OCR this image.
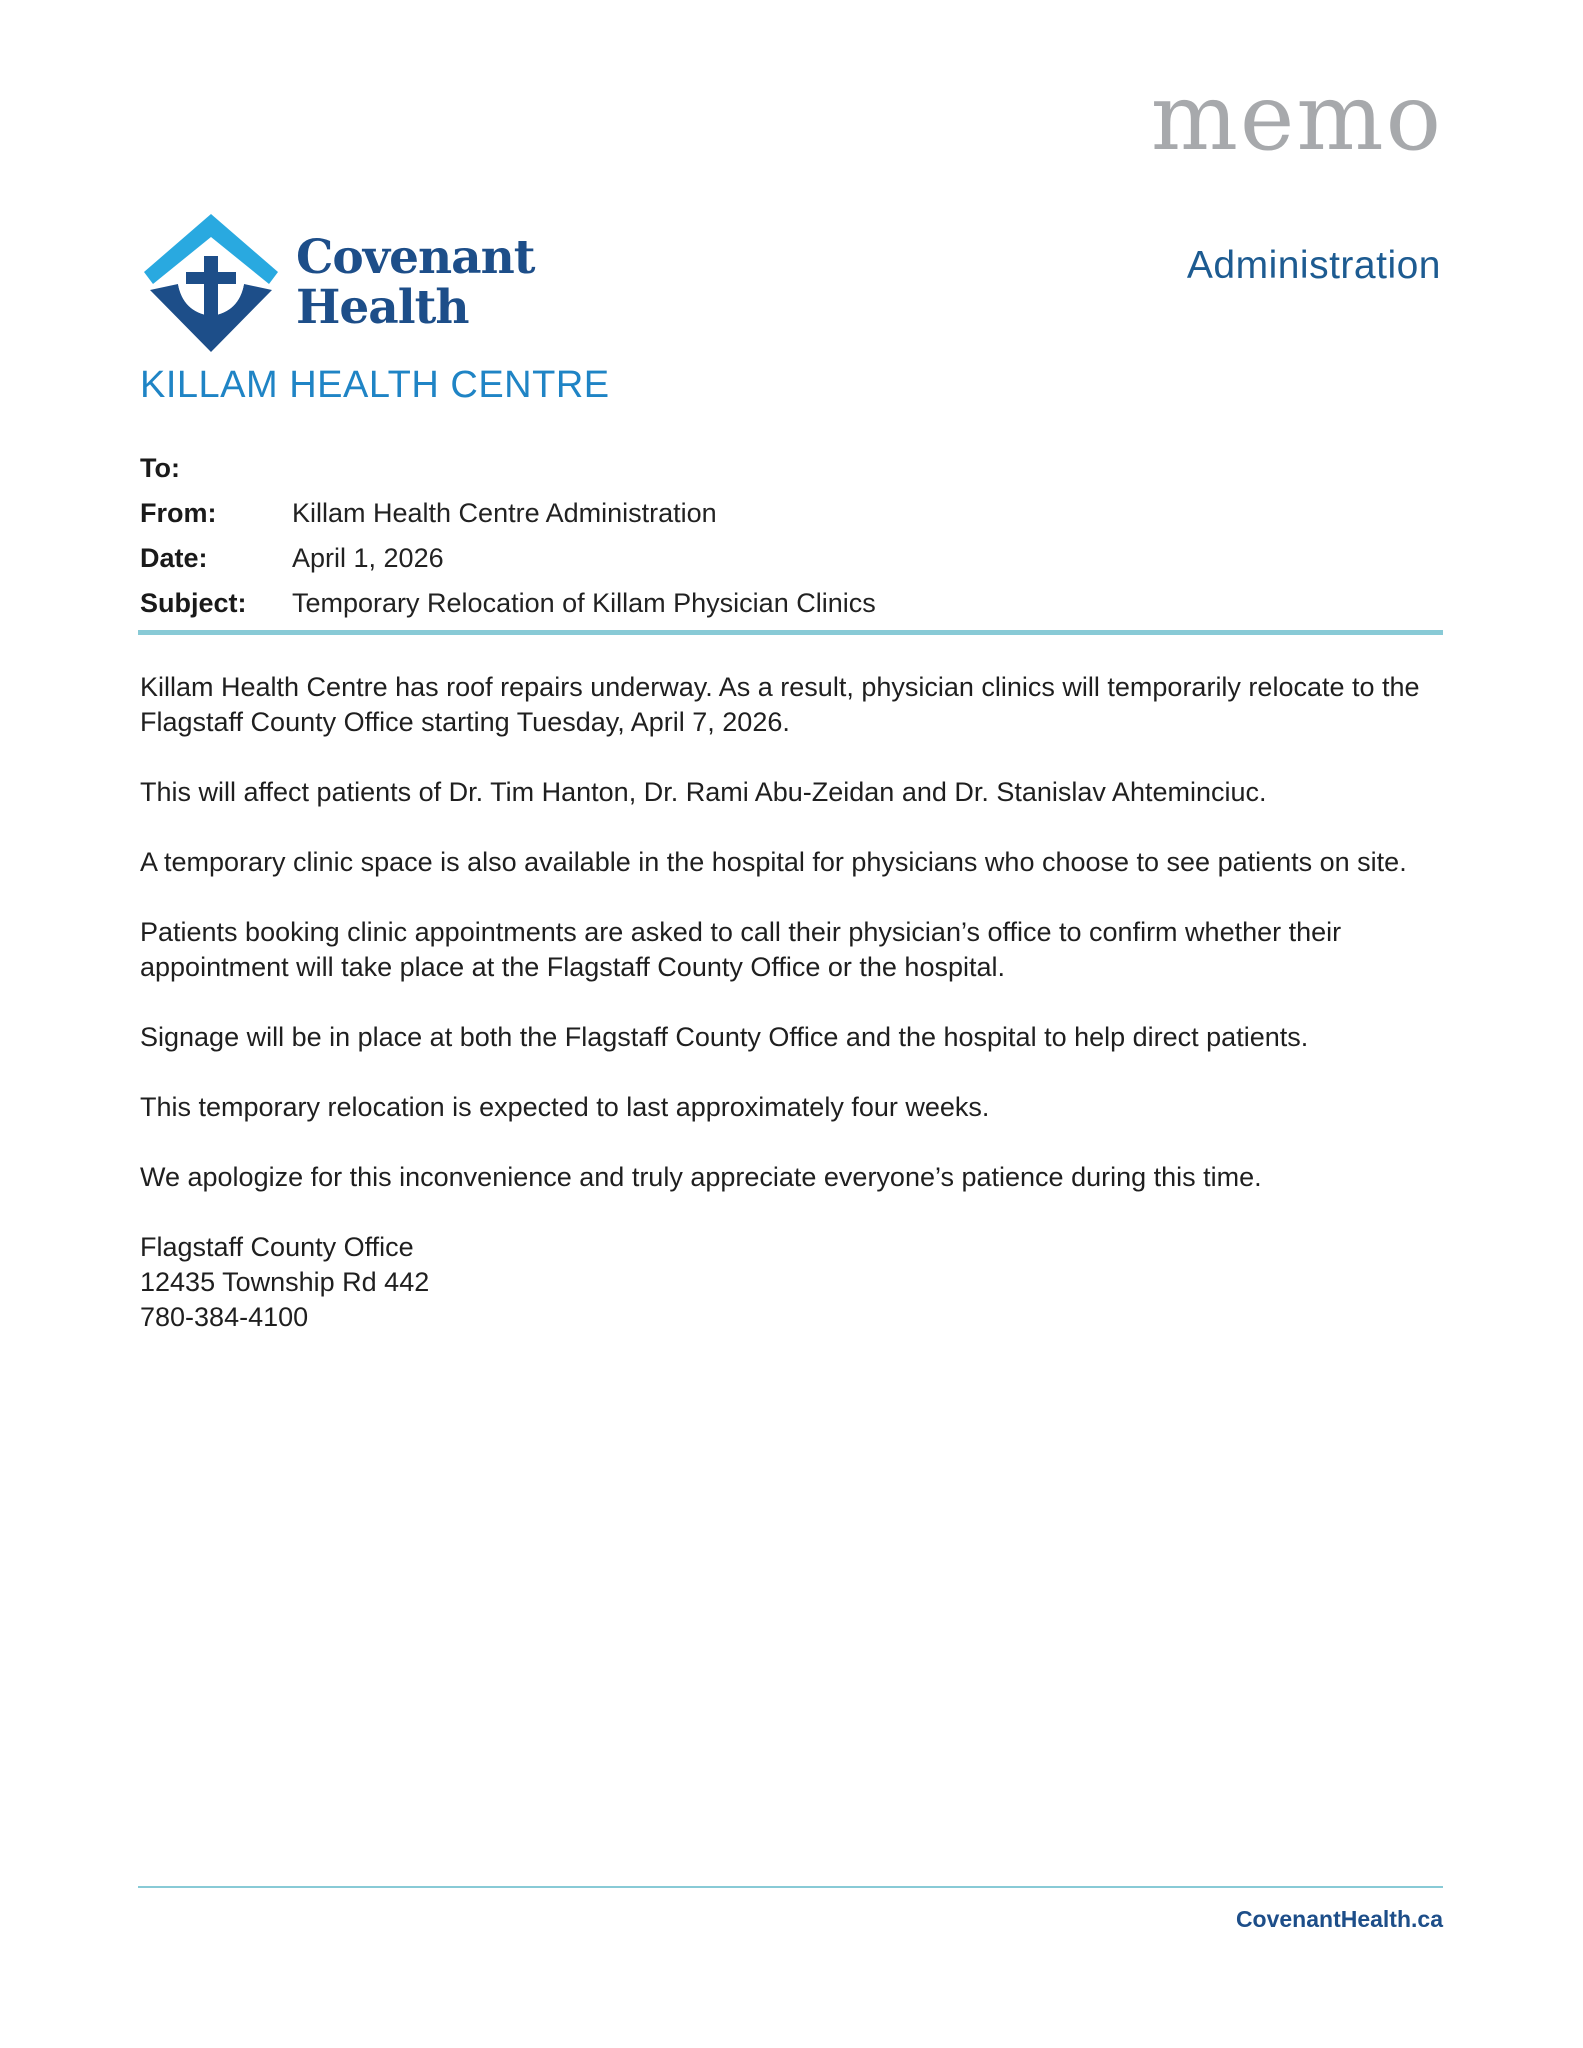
memo
Administration
Covenant
Health
KILLAM HEALTH CENTRE
To:
From:	Killam Health Centre Administration
Date:	April 1, 2026
Subject:	Temporary Relocation of Killam Physician Clinics

Killam Health Centre has roof repairs underway. As a result, physician clinics will temporarily relocate to the Flagstaff County Office starting Tuesday, April 7, 2026.

This will affect patients of Dr. Tim Hanton, Dr. Rami Abu-Zeidan and Dr. Stanislav Ahteminciuc.

A temporary clinic space is also available in the hospital for physicians who choose to see patients on site.

Patients booking clinic appointments are asked to call their physician’s office to confirm whether their appointment will take place at the Flagstaff County Office or the hospital.

Signage will be in place at both the Flagstaff County Office and the hospital to help direct patients.

This temporary relocation is expected to last approximately four weeks.

We apologize for this inconvenience and truly appreciate everyone’s patience during this time.

Flagstaff County Office
12435 Township Rd 442
780-384-4100
CovenantHealth.ca
